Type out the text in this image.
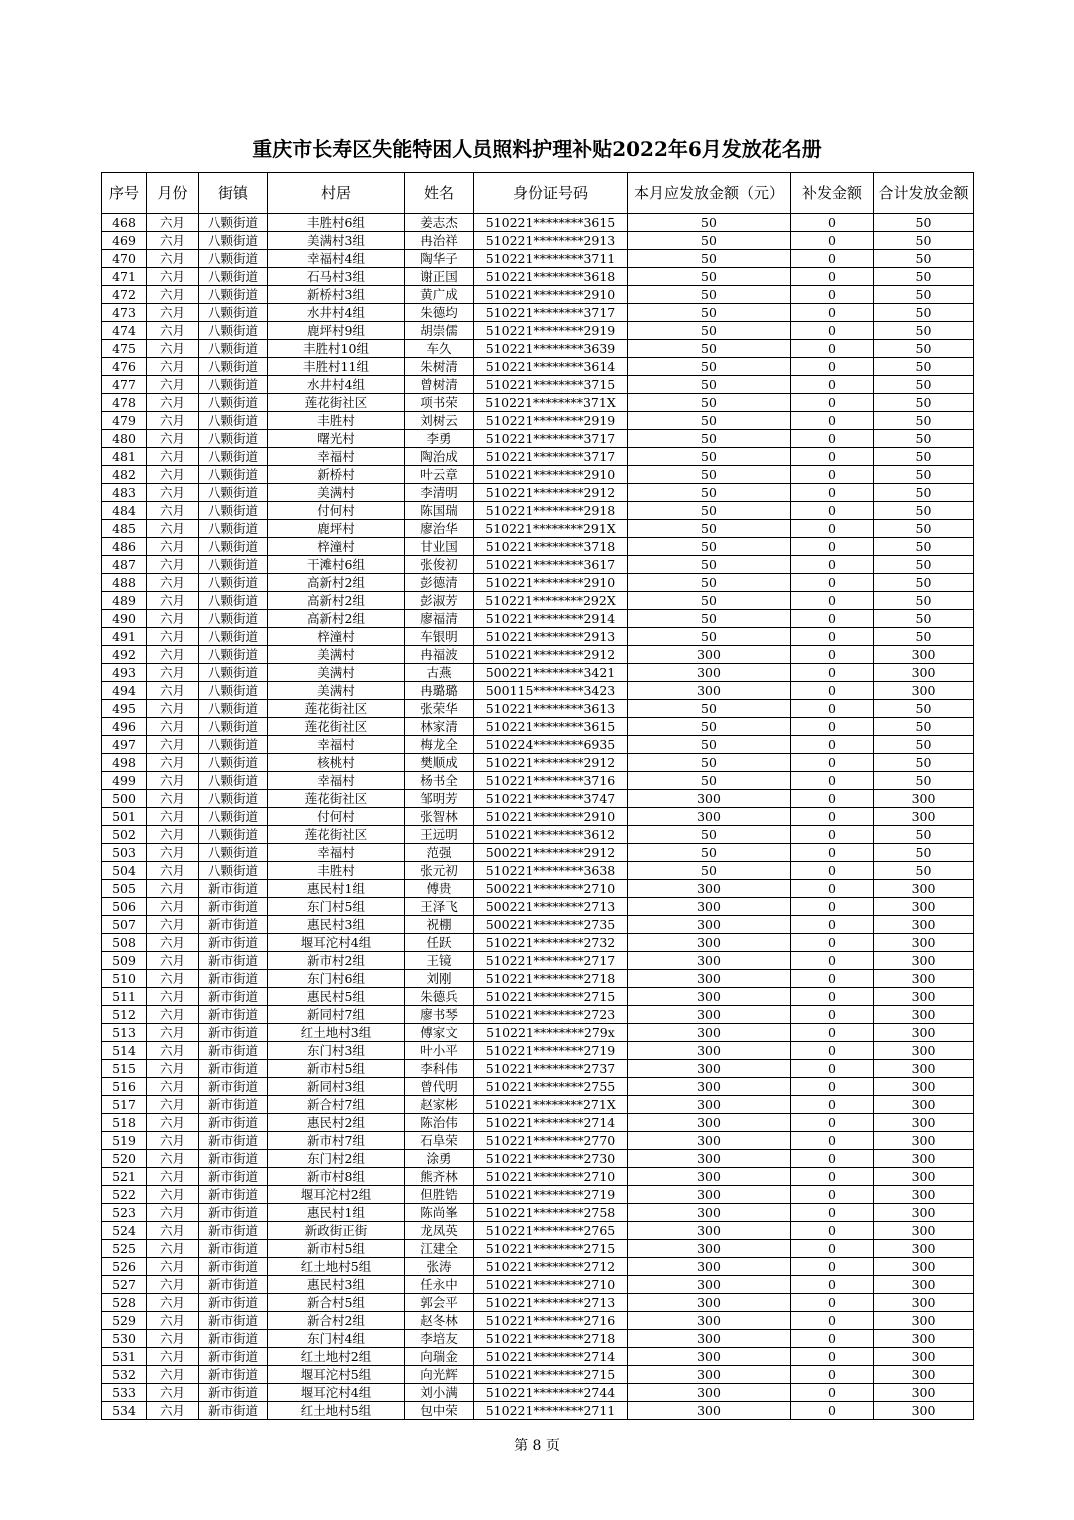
重庆市长寿区失能特困人员照料护理补贴2022年6月发放花名册
序号	月份	街镇	村居	姓名	身份证号码	本月应发放金额（元）	补发金额	合计发放金额
468	六月	八颗街道	丰胜村6组	姜志杰	510221********3615	50	0	50
469	六月	八颗街道	美满村3组	冉治祥	510221********2913	50	0	50
470	六月	八颗街道	幸福村4组	陶华子	510221********3711	50	0	50
471	六月	八颗街道	石马村3组	谢正国	510221********3618	50	0	50
472	六月	八颗街道	新桥村3组	黄广成	510221********2910	50	0	50
473	六月	八颗街道	水井村4组	朱德均	510221********3717	50	0	50
474	六月	八颗街道	鹿坪村9组	胡崇儒	510221********2919	50	0	50
475	六月	八颗街道	丰胜村10组	车久	510221********3639	50	0	50
476	六月	八颗街道	丰胜村11组	朱树清	510221********3614	50	0	50
477	六月	八颗街道	水井村4组	曾树清	510221********3715	50	0	50
478	六月	八颗街道	莲花街社区	项书荣	510221********371X	50	0	50
479	六月	八颗街道	丰胜村	刘树云	510221********2919	50	0	50
480	六月	八颗街道	曙光村	李勇	510221********3717	50	0	50
481	六月	八颗街道	幸福村	陶治成	510221********3717	50	0	50
482	六月	八颗街道	新桥村	叶云章	510221********2910	50	0	50
483	六月	八颗街道	美满村	李清明	510221********2912	50	0	50
484	六月	八颗街道	付何村	陈国瑞	510221********2918	50	0	50
485	六月	八颗街道	鹿坪村	廖治华	510221********291X	50	0	50
486	六月	八颗街道	梓潼村	甘业国	510221********3718	50	0	50
487	六月	八颗街道	干滩村6组	张俊初	510221********3617	50	0	50
488	六月	八颗街道	高新村2组	彭德清	510221********2910	50	0	50
489	六月	八颗街道	高新村2组	彭淑芳	510221********292X	50	0	50
490	六月	八颗街道	高新村2组	廖福清	510221********2914	50	0	50
491	六月	八颗街道	梓潼村	车银明	510221********2913	50	0	50
492	六月	八颗街道	美满村	冉福波	510221********2912	300	0	300
493	六月	八颗街道	美满村	古燕	500221********3421	300	0	300
494	六月	八颗街道	美满村	冉璐璐	500115********3423	300	0	300
495	六月	八颗街道	莲花街社区	张荣华	510221********3613	50	0	50
496	六月	八颗街道	莲花街社区	林家清	510221********3615	50	0	50
497	六月	八颗街道	幸福村	梅龙全	510224********6935	50	0	50
498	六月	八颗街道	核桃村	樊顺成	510221********2912	50	0	50
499	六月	八颗街道	幸福村	杨书全	510221********3716	50	0	50
500	六月	八颗街道	莲花街社区	邹明芳	510221********3747	300	0	300
501	六月	八颗街道	付何村	张智林	510221********2910	300	0	300
502	六月	八颗街道	莲花街社区	王远明	510221********3612	50	0	50
503	六月	八颗街道	幸福村	范强	500221********2912	50	0	50
504	六月	八颗街道	丰胜村	张元初	510221********3638	50	0	50
505	六月	新市街道	惠民村1组	傅贵	500221********2710	300	0	300
506	六月	新市街道	东门村5组	王泽飞	500221********2713	300	0	300
507	六月	新市街道	惠民村3组	祝棚	500221********2735	300	0	300
508	六月	新市街道	堰耳沱村4组	任跃	510221********2732	300	0	300
509	六月	新市街道	新市村2组	王镜	510221********2717	300	0	300
510	六月	新市街道	东门村6组	刘刚	510221********2718	300	0	300
511	六月	新市街道	惠民村5组	朱德兵	510221********2715	300	0	300
512	六月	新市街道	新同村7组	廖书琴	510221********2723	300	0	300
513	六月	新市街道	红土地村3组	傅家文	510221********279x	300	0	300
514	六月	新市街道	东门村3组	叶小平	510221********2719	300	0	300
515	六月	新市街道	新市村5组	李科伟	510221********2737	300	0	300
516	六月	新市街道	新同村3组	曾代明	510221********2755	300	0	300
517	六月	新市街道	新合村7组	赵家彬	510221********271X	300	0	300
518	六月	新市街道	惠民村2组	陈治伟	510221********2714	300	0	300
519	六月	新市街道	新市村7组	石阜荣	510221********2770	300	0	300
520	六月	新市街道	东门村2组	涂勇	510221********2730	300	0	300
521	六月	新市街道	新市村8组	熊齐林	510221********2710	300	0	300
522	六月	新市街道	堰耳沱村2组	但胜锆	510221********2719	300	0	300
523	六月	新市街道	惠民村1组	陈尚峯	510221********2758	300	0	300
524	六月	新市街道	新政街正街	龙凤英	510221********2765	300	0	300
525	六月	新市街道	新市村5组	江建全	510221********2715	300	0	300
526	六月	新市街道	红土地村5组	张涛	510221********2712	300	0	300
527	六月	新市街道	惠民村3组	任永中	510221********2710	300	0	300
528	六月	新市街道	新合村5组	郭会平	510221********2713	300	0	300
529	六月	新市街道	新合村2组	赵冬林	510221********2716	300	0	300
530	六月	新市街道	东门村4组	李培友	510221********2718	300	0	300
531	六月	新市街道	红土地村2组	向瑞金	510221********2714	300	0	300
532	六月	新市街道	堰耳沱村5组	向光辉	510221********2715	300	0	300
533	六月	新市街道	堰耳沱村4组	刘小满	510221********2744	300	0	300
534	六月	新市街道	红土地村5组	包中荣	510221********2711	300	0	300
第 8 页
